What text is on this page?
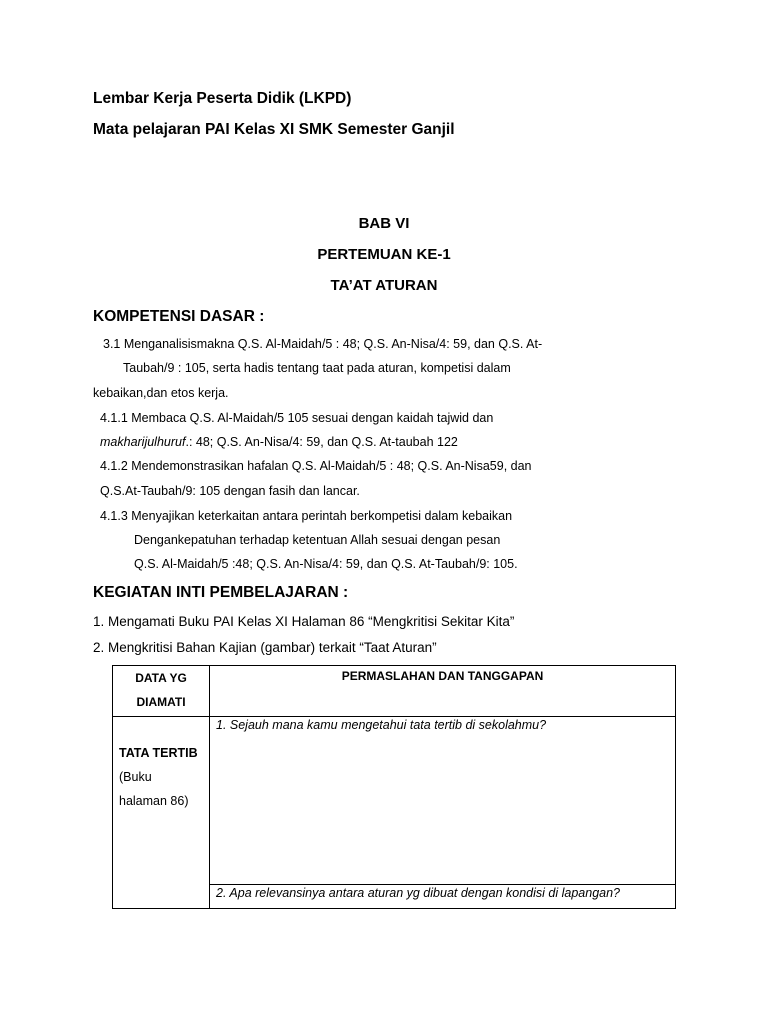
Lembar Kerja Peserta Didik (LKPD)
Mata pelajaran PAI Kelas XI SMK Semester Ganjil
BAB VI
PERTEMUAN KE-1
TA’AT ATURAN
KOMPETENSI DASAR :
3.1 Menganalisismakna Q.S. Al-Maidah/5 : 48; Q.S. An-Nisa/4: 59, dan Q.S. At-
Taubah/9 : 105, serta hadis tentang taat pada aturan, kompetisi dalam
kebaikan,dan etos kerja.
4.1.1 Membaca Q.S. Al-Maidah/5 105 sesuai dengan kaidah tajwid dan
makharijulhuruf.: 48; Q.S. An-Nisa/4: 59, dan Q.S. At-taubah 122
4.1.2 Mendemonstrasikan hafalan Q.S. Al-Maidah/5 : 48; Q.S. An-Nisa59, dan
Q.S.At-Taubah/9: 105 dengan fasih dan lancar.
4.1.3 Menyajikan keterkaitan antara perintah berkompetisi dalam kebaikan
Dengankepatuhan terhadap ketentuan Allah sesuai dengan pesan
Q.S. Al-Maidah/5 :48; Q.S. An-Nisa/4: 59, dan Q.S. At-Taubah/9: 105.
KEGIATAN INTI PEMBELAJARAN :
1. Mengamati Buku PAI Kelas XI Halaman 86 “Mengkritisi Sekitar Kita”
2. Mengkritisi Bahan Kajian (gambar) terkait “Taat Aturan”
DATA YG
DIAMATI	PERMASLAHAN DAN TANGGAPAN

TATA TERTIB
(Buku
halaman 86)	1. Sejauh mana kamu mengetahui tata tertib di sekolahmu?
	2. Apa relevansinya antara aturan yg dibuat dengan kondisi di lapangan?
